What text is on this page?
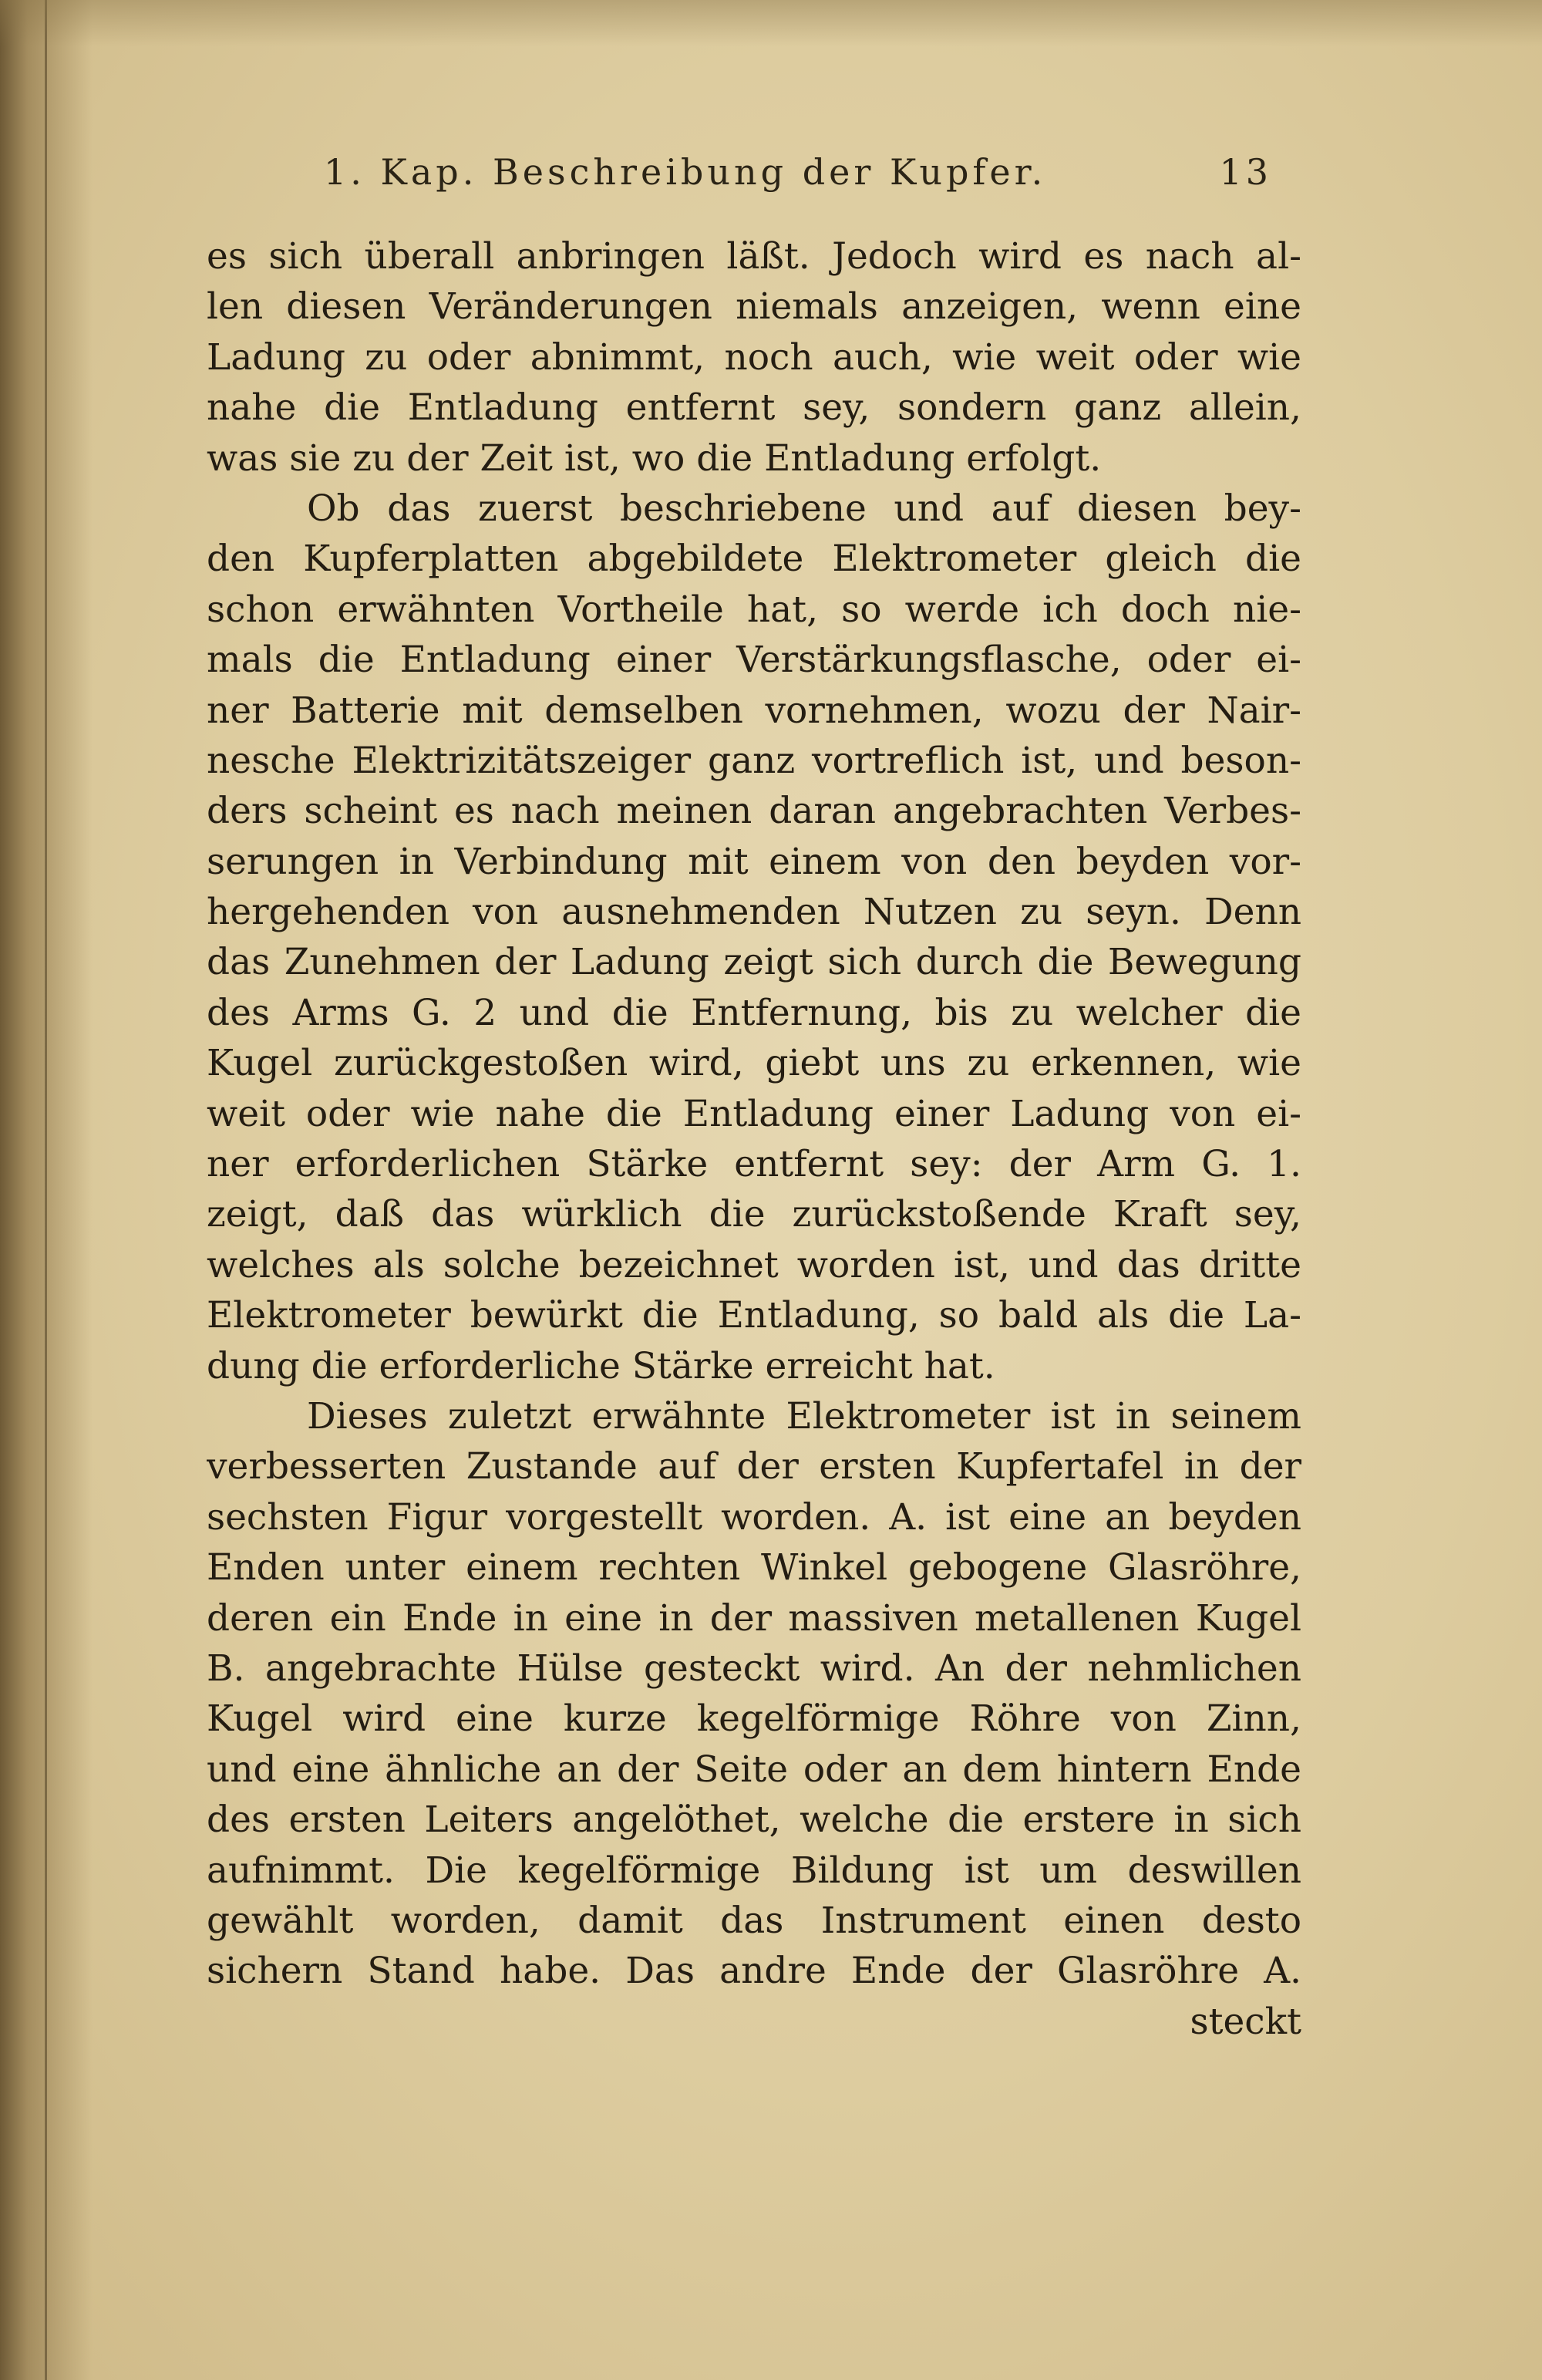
1. Kap. Beschreibung der Kupfer.	13
es sich überall anbringen läßt. Jedoch wird es nach al-
len diesen Veränderungen niemals anzeigen, wenn eine
Ladung zu oder abnimmt, noch auch, wie weit oder wie
nahe die Entladung entfernt sey, sondern ganz allein,
was sie zu der Zeit ist, wo die Entladung erfolgt.
Ob das zuerst beschriebene und auf diesen bey-
den Kupferplatten abgebildete Elektrometer gleich die
schon erwähnten Vortheile hat, so werde ich doch nie-
mals die Entladung einer Verstärkungsflasche, oder ei-
ner Batterie mit demselben vornehmen, wozu der Nair-
nesche Elektrizitätszeiger ganz vortreflich ist, und beson-
ders scheint es nach meinen daran angebrachten Verbes-
serungen in Verbindung mit einem von den beyden vor-
hergehenden von ausnehmenden Nutzen zu seyn. Denn
das Zunehmen der Ladung zeigt sich durch die Bewegung
des Arms G. 2 und die Entfernung, bis zu welcher die
Kugel zurückgestoßen wird, giebt uns zu erkennen, wie
weit oder wie nahe die Entladung einer Ladung von ei-
ner erforderlichen Stärke entfernt sey: der Arm G. 1.
zeigt, daß das würklich die zurückstoßende Kraft sey,
welches als solche bezeichnet worden ist, und das dritte
Elektrometer bewürkt die Entladung, so bald als die La-
dung die erforderliche Stärke erreicht hat.
Dieses zuletzt erwähnte Elektrometer ist in seinem
verbesserten Zustande auf der ersten Kupfertafel in der
sechsten Figur vorgestellt worden. A. ist eine an beyden
Enden unter einem rechten Winkel gebogene Glasröhre,
deren ein Ende in eine in der massiven metallenen Kugel
B. angebrachte Hülse gesteckt wird. An der nehmlichen
Kugel wird eine kurze kegelförmige Röhre von Zinn,
und eine ähnliche an der Seite oder an dem hintern Ende
des ersten Leiters angelöthet, welche die erstere in sich
aufnimmt. Die kegelförmige Bildung ist um deswillen
gewählt worden, damit das Instrument einen desto
sichern Stand habe. Das andre Ende der Glasröhre A.
steckt
